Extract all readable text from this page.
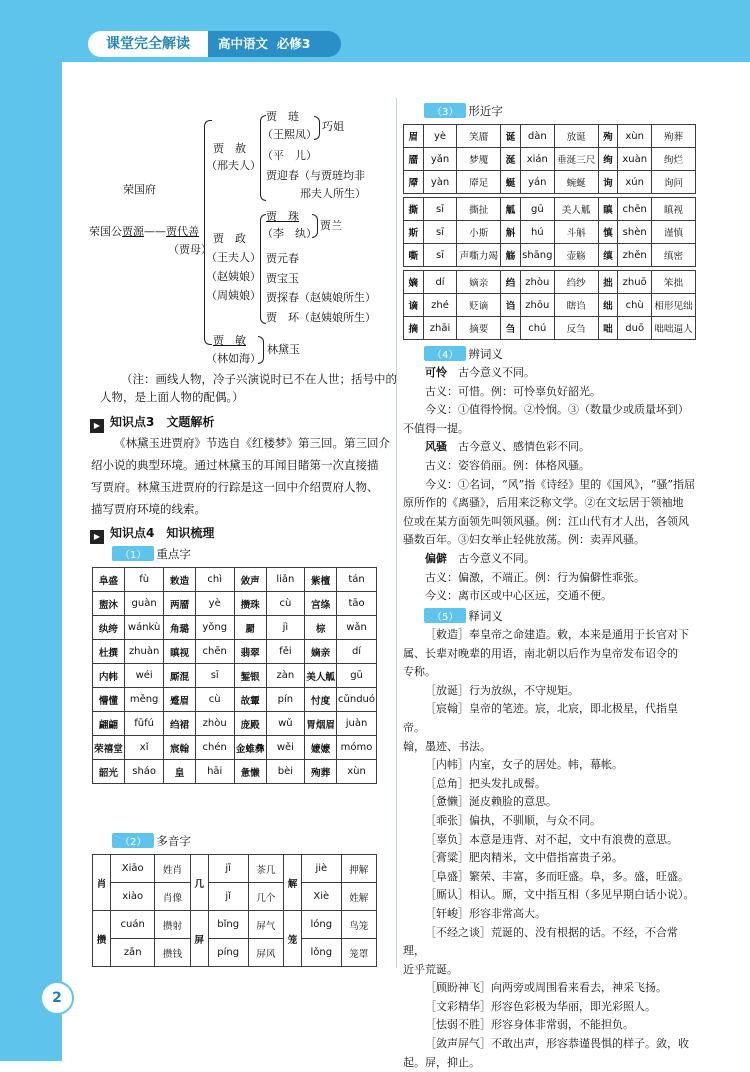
课堂完全解读	高中语文  必修3
2
荣国府
荣国公贾源——贾代善
（贾母）
贾　赦
（邢夫人）
贾　琏
（王熙凤）
巧姐
（平　儿）
贾迎春（与贾琏均非
邢夫人所生）
贾　政
（王夫人）
（赵姨娘）
（周姨娘）
贾　珠
（李　纨）
贾兰
贾元春
贾宝玉
贾探春（赵姨娘所生）
贾　环（赵姨娘所生）
贾　敏
（林如海）
林黛玉
（注：画线人物，冷子兴演说时已不在人世；括号中的
人物，是上面人物的配偶。）
▶ 知识点3　文题解析
《林黛玉进贾府》节选自《红楼梦》第三回。第三回介
绍小说的典型环境。通过林黛玉的耳闻目睹第一次直接描
写贾府。林黛玉进贾府的行踪是这一回中介绍贾府人物、
描写贾府环境的线索。
▶ 知识点4　知识梳理
（1） 重点字
阜盛	fù	敕造	chì	敛声	liǎn	紫檀	tán
盥沐	guàn	两靥	yè	攒珠	cù	宫绦	tāo
纨绔	wánkù	角璐	yǒng	罽	jì	棕	wǎn
杜撰	zhuàn	瞋视	chēn	翡翠	fěi	嫡亲	dí
内帏	wéi	厮混	sī	錾银	zàn	美人觚	gū
懵懂	měng	蹙眉	cù	故颦	pín	忖度	cǔnduó
翩翩	fūfú	绉裙	zhòu	庞殿	wǔ	胃烟眉	juàn
荣禧堂	xǐ	宸翰	chén	金蜼彝	wěi	嬷嬷	mómo
韶光	sháo	皇	hāi	惫懒	bèi	殉葬	xùn
（2） 多音字
肖	Xiāo	姓肖	几	jī	茶几	解	jiè	押解
	xiào	肖像		jǐ	几个		Xiè	姓解
攒	cuán	攒射	屏	bǐng	屏气	笼	lóng	鸟笼
	zǎn	攒钱		píng	屏风		lǒng	笼罩
（3） 形近字
眉	yè	笑靥	诞	dàn	放诞	殉	xùn	殉葬
靥	yǎn	梦魇	涎	xián	垂涎三尺	绚	xuàn	绚烂
厣	yàn	厣足	蜒	yán	蜿蜒	询	xún	询问

撕	sī	撕扯	觚	gū	美人觚	瞋	chēn	瞋视
斯	sī	小斯	斛	hú	斗斛	慎	shèn	谨慎
嘶	sī	声嘶力竭	觞	shāng	壶觞	缜	zhěn	缜密

嫡	dí	嫡亲	绉	zhòu	绉纱	拙	zhuō	笨拙
谪	zhé	贬谪	诌	zhōu	瞎诌	绌	chù	相形见绌
摘	zhāi	摘要	刍	chú	反刍	咄	duō	咄咄逼人
（4） 辨词义

可怜　古今意义不同。

古义：可惜。例：可怜辜负好韶光。

今义：①值得怜悯。②怜悯。③（数量少或质量坏到）

不值得一提。

风骚　古今意义、感情色彩不同。

古义：姿容俏丽。例：体格风骚。

今义：①名词，“风”指《诗经》里的《国风》，“骚”指屈

原所作的《离骚》，后用来泛称文学。②在文坛居于领袖地

位或在某方面领先叫领风骚。例：江山代有才人出，各领风

骚数百年。③妇女举止轻佻放荡。例：卖弄风骚。

偏僻　古今意义不同。

古义：偏激，不端正。例：行为偏僻性乖张。

今义：离市区或中心区远，交通不便。

（5） 释词义

［敕造］奉皇帝之命建造。敕，本来是通用于长官对下

属、长辈对晚辈的用语，南北朝以后作为皇帝发布诏令的

专称。

［放诞］行为放纵，不守规矩。

［宸翰］皇帝的笔迹。宸，北宸，即北极星，代指皇帝。

翰，墨迹、书法。

［内帏］内室，女子的居处。帏，幕帐。

［总角］把头发扎成髻。

［惫懒］涎皮赖脸的意思。

［乖张］偏执，不驯顺，与众不同。

［辜负］本意是违背、对不起，文中有浪费的意思。

［膏粱］肥肉精米，文中借指富贵子弟。

［阜盛］繁荣、丰富，多而旺盛。阜，多。盛，旺盛。

［厮认］相认。厮，文中指互相（多见早期白话小说）。

［轩峻］形容非常高大。

［不经之谈］荒诞的、没有根据的话。不经，不合常理，

近乎荒诞。

［顾盼神飞］向两旁或周围看来看去，神采飞扬。

［文彩精华］形容色彩极为华丽，即光彩照人。

［怯弱不胜］形容身体非常弱，不能担负。

［敛声屏气］不敢出声，形容恭谨畏惧的样子。敛，收

起。屏，抑止。
